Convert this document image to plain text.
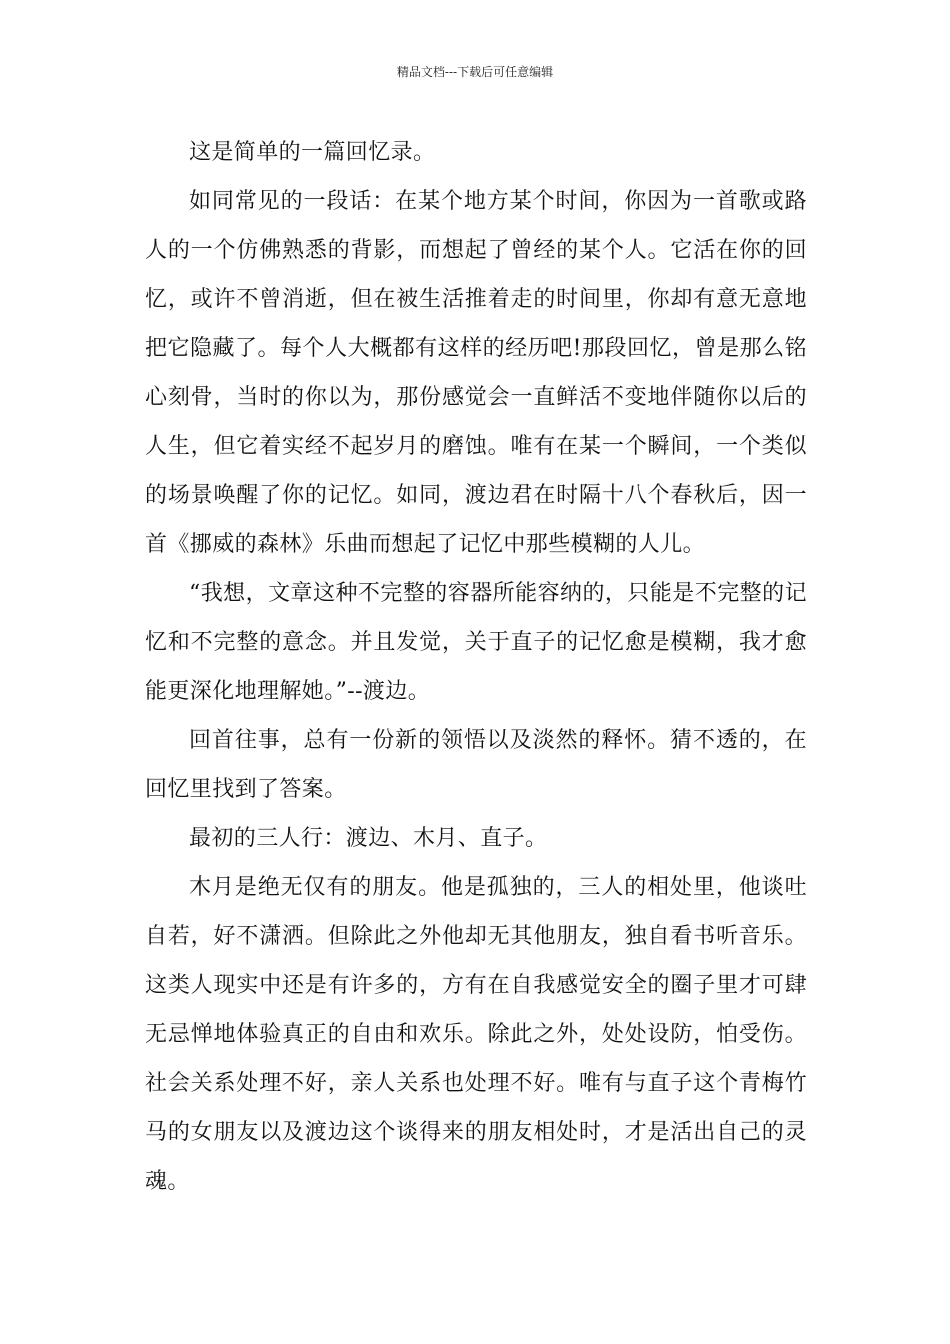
精品文档---下载后可任意编辑

这是简单的一篇回忆录。

如同常见的一段话：在某个地方某个时间，你因为一首歌或路人的一个仿佛熟悉的背影，而想起了曾经的某个人。它活在你的回忆，或许不曾消逝，但在被生活推着走的时间里，你却有意无意地把它隐藏了。每个人大概都有这样的经历吧!那段回忆，曾是那么铭心刻骨，当时的你以为，那份感觉会一直鲜活不变地伴随你以后的人生，但它着实经不起岁月的磨蚀。唯有在某一个瞬间，一个类似的场景唤醒了你的记忆。如同，渡边君在时隔十八个春秋后，因一首《挪威的森林》乐曲而想起了记忆中那些模糊的人儿。

“我想，文章这种不完整的容器所能容纳的，只能是不完整的记忆和不完整的意念。并且发觉，关于直子的记忆愈是模糊，我才愈能更深化地理解她。”--渡边。

回首往事，总有一份新的领悟以及淡然的释怀。猜不透的，在回忆里找到了答案。

最初的三人行：渡边、木月、直子。

木月是绝无仅有的朋友。他是孤独的，三人的相处里，他谈吐自若，好不潇洒。但除此之外他却无其他朋友，独自看书听音乐。这类人现实中还是有许多的，方有在自我感觉安全的圈子里才可肆无忌惮地体验真正的自由和欢乐。除此之外，处处设防，怕受伤。社会关系处理不好，亲人关系也处理不好。唯有与直子这个青梅竹马的女朋友以及渡边这个谈得来的朋友相处时，才是活出自己的灵魂。
